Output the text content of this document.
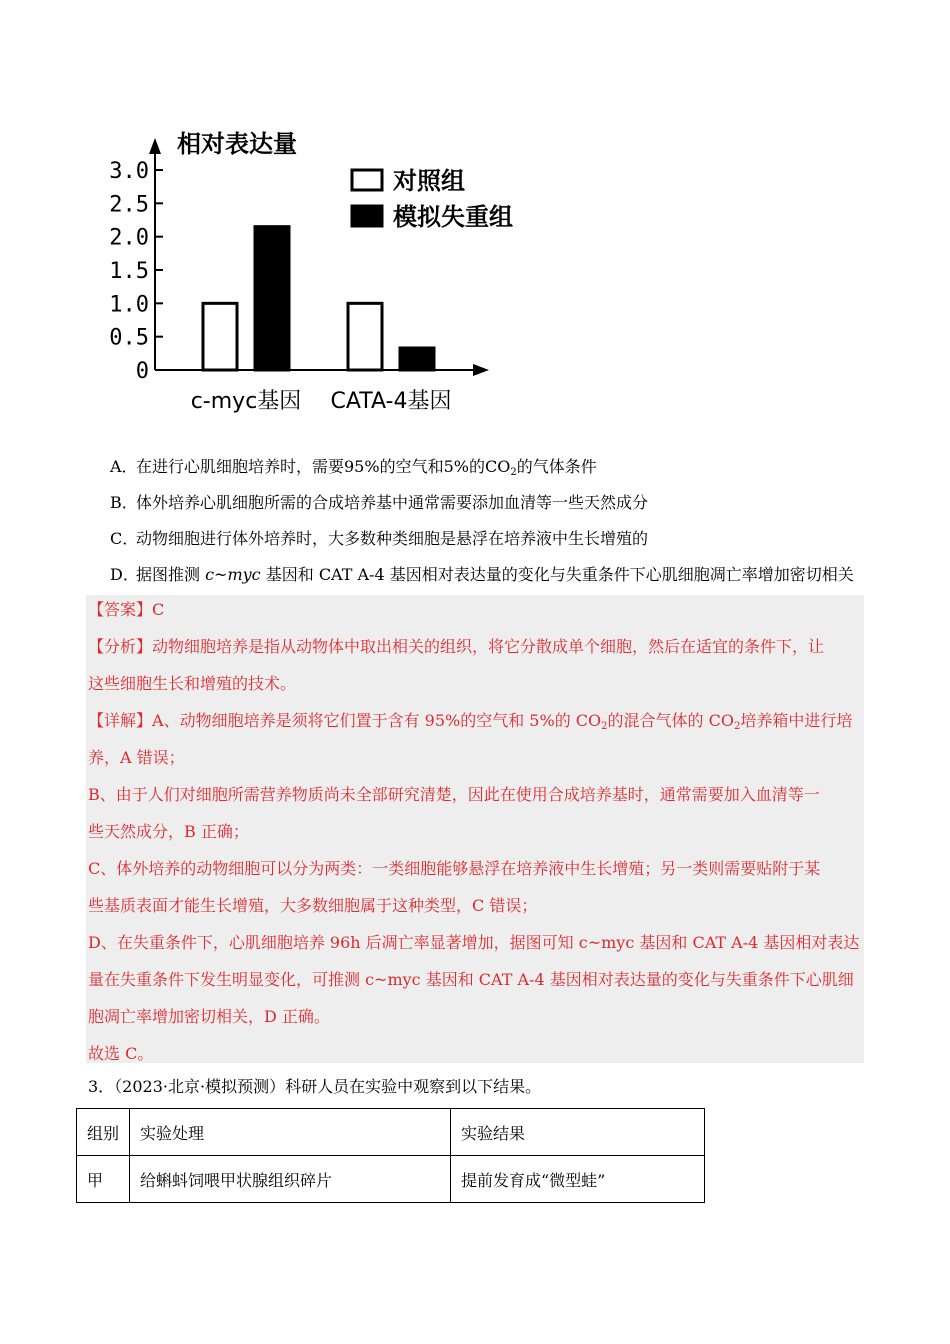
0
0.5
1.0
1.5
2.0
2.5
3.0
c-myc基因 CATA-4基因
对照组
模拟失重组
相对表达量
A．在进行心肌细胞培养时，需要95%的空气和5%的$CO_2$的气体条件
B．体外培养心肌细胞所需的合成培养基中通常需要添加血清等一些天然成分
C．动物细胞进行体外培养时，大多数种类细胞是悬浮在培养液中生长增殖的
D．据图推测 c~myc 基因和 CAT A-4 基因相对表达量的变化与失重条件下心肌细胞凋亡率增加密切相关
【答案】C
【分析】动物细胞培养是指从动物体中取出相关的组织，将它分散成单个细胞，然后在适宜的条件下，让
这些细胞生长和增殖的技术。
【详解】A、动物细胞培养是须将它们置于含有 95%的空气和 5%的 $CO_2$的混合气体的 $CO_2$培养箱中进行培
养，A 错误；
B、由于人们对细胞所需营养物质尚未全部研究清楚，因此在使用合成培养基时，通常需要加入血清等一
些天然成分，B 正确；
C、体外培养的动物细胞可以分为两类：一类细胞能够悬浮在培养液中生长增殖；另一类则需要贴附于某
些基质表面才能生长增殖，大多数细胞属于这种类型，C 错误；
D、在失重条件下，心肌细胞培养 96h 后凋亡率显著增加，据图可知 c~myc 基因和 CAT A-4 基因相对表达
量在失重条件下发生明显变化，可推测 c~myc 基因和 CAT A-4 基因相对表达量的变化与失重条件下心肌细
胞凋亡率增加密切相关，D 正确。
故选 C。
3．（2023·北京·模拟预测）科研人员在实验中观察到以下结果。
组别	实验处理	实验结果
甲	给蝌蚪饲喂甲状腺组织碎片	提前发育成“微型蛙”
